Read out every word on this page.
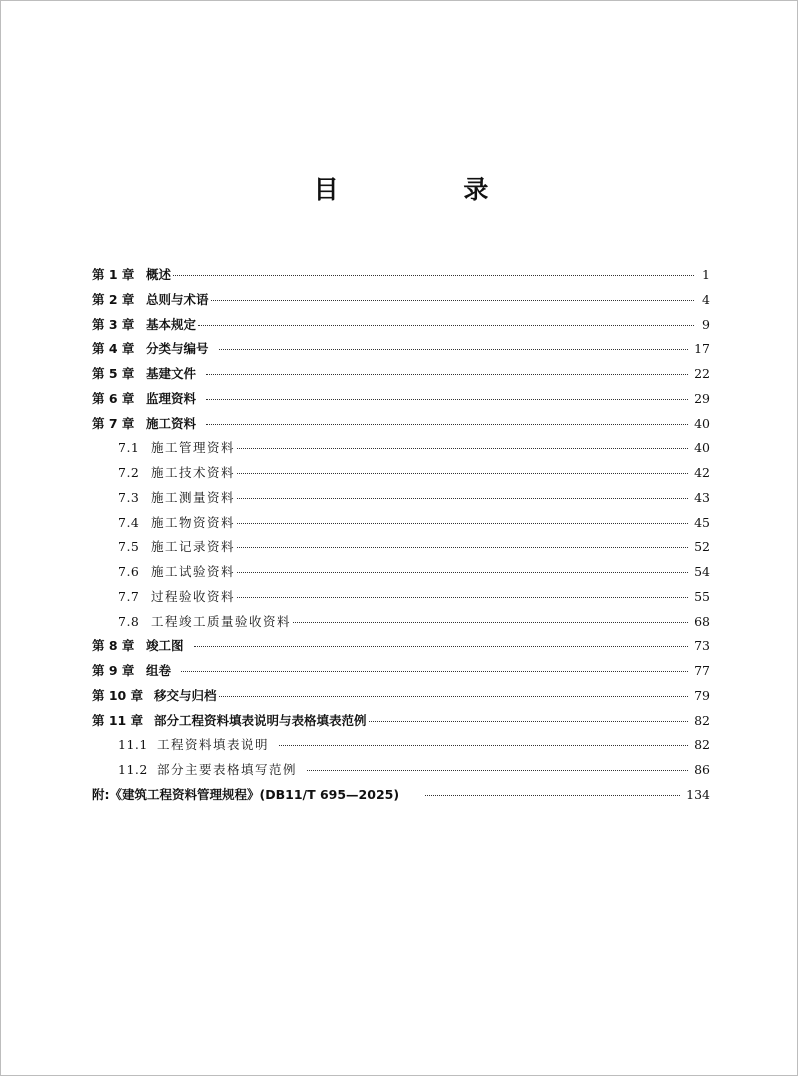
目 录
第 1 章 概述	1
第 2 章 总则与术语	4
第 3 章 基本规定	9
第 4 章 分类与编号	17
第 5 章 基建文件	22
第 6 章 监理资料	29
第 7 章 施工资料	40
7.1 施工管理资料	40
7.2 施工技术资料	42
7.3 施工测量资料	43
7.4 施工物资资料	45
7.5 施工记录资料	52
7.6 施工试验资料	54
7.7 过程验收资料	55
7.8 工程竣工质量验收资料	68
第 8 章 竣工图	73
第 9 章 组卷	77
第 10 章 移交与归档	79
第 11 章 部分工程资料填表说明与表格填表范例	82
11.1 工程资料填表说明	82
11.2 部分主要表格填写范例	86
附:《建筑工程资料管理规程》(DB11/T 695—2025)	134
